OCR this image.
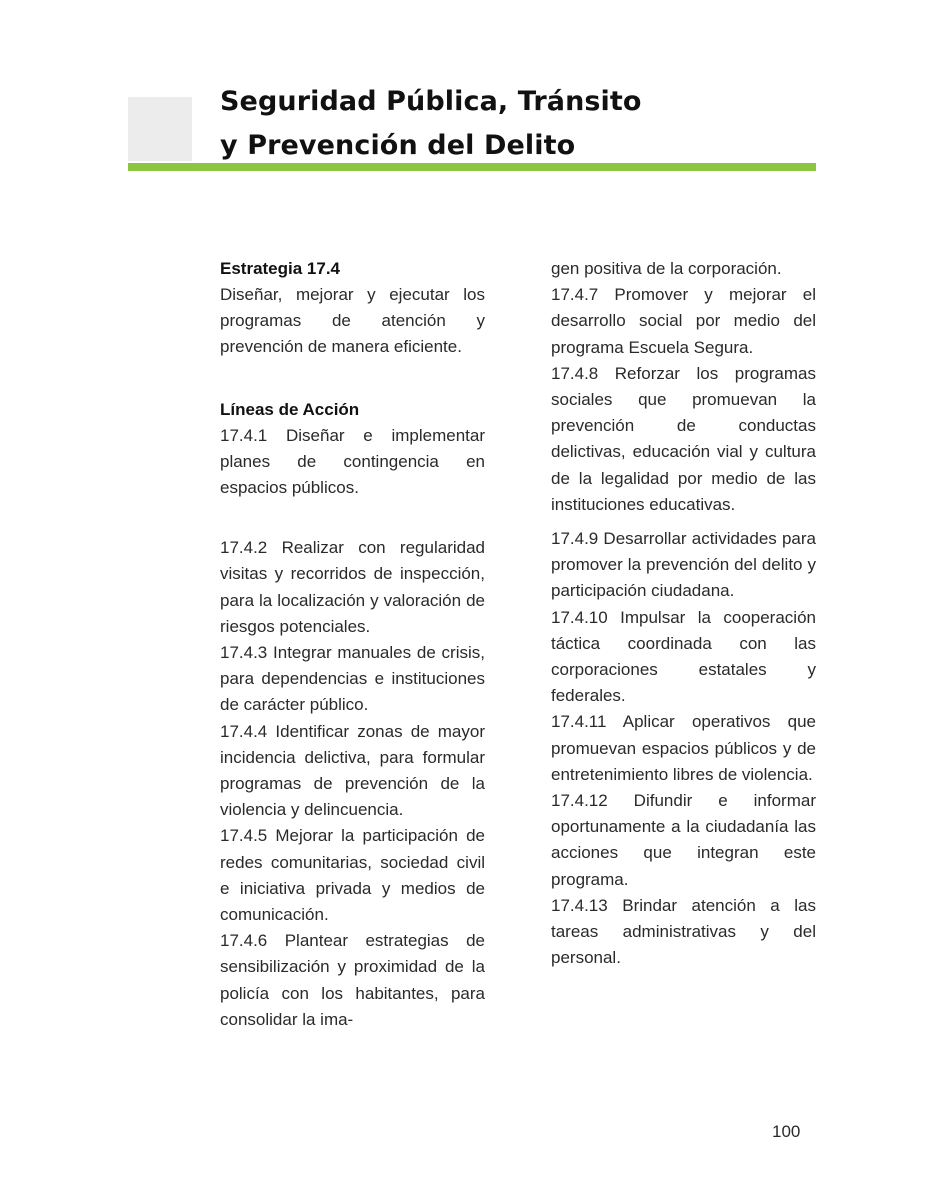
Seguridad Pública, Tránsito
y Prevención del Delito

Estrategia 17.4

Diseñar, mejorar y ejecutar los programas de atención y prevención de manera eficiente.

Líneas de Acción

17.4.1 Diseñar e implementar planes de contingencia en espacios públicos.

17.4.2 Realizar con regularidad visitas y recorridos de inspección, para la localización y valoración de riesgos potenciales.

17.4.3 Integrar manuales de crisis, para dependencias e instituciones de carácter público.

17.4.4 Identificar zonas de mayor incidencia delictiva, para formular programas de prevención de la violencia y delincuencia.

17.4.5 Mejorar la participación de redes comunitarias, sociedad civil e iniciativa privada y medios de comunicación.

17.4.6 Plantear estrategias de sensibilización y proximidad de la policía con los habitantes, para consolidar la ima-

gen positiva de la corporación.

17.4.7 Promover y mejorar el desarrollo social por medio del programa Escuela Segura.

17.4.8 Reforzar los programas sociales que promuevan la prevención de conductas delictivas, educación vial y cultura de la legalidad por medio de las instituciones educativas.

17.4.9 Desarrollar actividades para promover la prevención del delito y participación ciudadana.

17.4.10 Impulsar la cooperación táctica coordinada con las corporaciones estatales y federales.

17.4.11 Aplicar operativos que promuevan espacios públicos y de entretenimiento libres de violencia.

17.4.12 Difundir e informar oportunamente a la ciudadanía las acciones que integran este programa.

17.4.13 Brindar atención a las tareas administrativas y del personal.

100
